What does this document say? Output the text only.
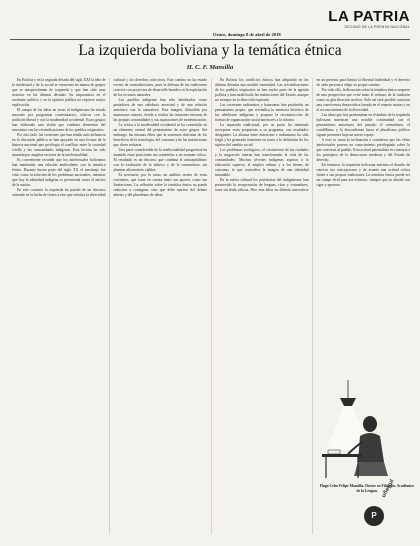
LA PATRIA
DECANO DE LA PRENSA NACIONAL
Oruro, domingo 8 de abril de 2018
La izquierda boliviana y la temática étnica
H. C. F. Mansilla

En Bolivia y en la segunda década del siglo XXI la idea de lo intelectual y de lo social se encuentra en manos de grupos que se autoproclaman de izquierda y que han sido muy notorios en las últimas décadas. Su importancia en el escenario político y en la opinión pública no requiere mayor explicación.

El campo de las ideas en torno al indigenismo ha estado marcado por programas contestatarios, críticos con la tradición liberal y con la modernidad occidental. Estos grupos han elaborado una visión que combina elementos del marxismo con las reivindicaciones de los pueblos originarios.

Por otro lado, las corrientes que han tenido más influencia en la discusión pública se han apoyado en una lectura de la historia nacional que privilegia el conflicto entre la sociedad criolla y las comunidades indígenas. Esta lectura ha sido asumida por amplios sectores de la intelectualidad.

Es conveniente recordar que los intelectuales bolivianos han mantenido una relación ambivalente con la temática étnica. Durante buena parte del siglo XX el mestizaje fue visto como la solución de los problemas nacionales, mientras que hoy la identidad indígena es presentada como el núcleo de la nación.

En este contexto la izquierda ha pasado de un discurso centrado en la lucha de clases a otro que enfatiza la diversidad cultural y los derechos colectivos. Este cambio no ha estado exento de contradicciones, pues la defensa de las tradiciones convive con proyectos de desarrollo basados en la explotación de los recursos naturales.

Los pueblos indígenas han sido idealizados como portadores de una sabiduría ancestral y de una relación armónica con la naturaleza. Esta imagen, difundida por numerosos autores, tiende a ocultar las tensiones internas de las propias comunidades y sus aspiraciones de modernización.

La crítica a la modernidad occidental se ha convertido en un elemento central del pensamiento de estos grupos. Sin embargo, las mismas élites que la sostienen disfrutan de los beneficios de la tecnología, del consumo y de las instituciones que dicen rechazar.

Una parte considerable de la intelectualidad progresista ha asumido estas posiciones sin someterlas a un examen crítico. El resultado es un discurso que combina el anticapitalismo con la exaltación de lo telúrico y de lo comunitario, sin plantear alternativas viables.

Es necesario, por lo tanto, un análisis sereno de estas corrientes, que tome en cuenta tanto sus aportes como sus limitaciones. La reflexión sobre la temática étnica no puede reducirse a consignas, sino que debe nutrirse del debate abierto y del pluralismo de ideas.

En Bolivia los conflictos étnicos han adquirido en las últimas décadas una notable intensidad. Las reivindicaciones de los pueblos originarios se han vuelto parte de la agenda política y han modificado las instituciones del Estado, aunque no siempre en la dirección esperada.

Las corrientes indianistas y katarianas han producido un pensamiento propio, que reivindica la memoria histórica de las rebeliones indígenas y propone la reconstrucción de formas de organización social anteriores a la colonia.

La izquierda tradicional, por su parte, ha intentado incorporar estas propuestas a su programa, con resultados desiguales. La alianza entre marxismo e indianismo ha sido frágil y ha generado tensiones en torno a la definición de los sujetos del cambio social.

Los problemas ecológicos, el crecimiento de las ciudades y la migración interna han transformado la vida de las comunidades. Muchos jóvenes indígenas aspiran a la educación superior, al empleo urbano y a los bienes de consumo, lo que contradice la imagen de una identidad inmutable.

En la esfera cultural los partidarios del indigenismo han promovido la recuperación de lenguas, ritos y costumbres, tarea sin duda valiosa. Pero esta labor no debería convertirse en un pretexto para limitar la libertad individual y el derecho de cada persona a elegir su propio camino.

Por todo ello, la discusión sobre la temática étnica requiere de una perspectiva que evite tanto el rechazo de la tradición como su glorificación acrítica. Solo así será posible construir una convivencia democrática basada en el respeto mutuo y en el reconocimiento de la diversidad.

Las ideas que hoy predominan en el ámbito de la izquierda boliviana muestran una notable continuidad con el pensamiento autoritario del pasado: el centralismo, el caudillismo y la desconfianza hacia el pluralismo político siguen presentes bajo un nuevo ropaje.

A esto se suma la inclinación a considerar que las élites intelectuales poseen un conocimiento privilegiado sobre lo que conviene al pueblo. Esta actitud paternalista es contraria a los principios de la democracia moderna y del Estado de derecho.

En resumen, la izquierda boliviana enfrenta el desafío de renovar sus concepciones y de asumir una actitud crítica frente a sus propias tradiciones. La temática étnica puede ser un campo fértil para ese esfuerzo, siempre que se aborde con rigor y apertura.

Hugo Celso Felipe Mansilla. Doctor en Filosofía. Académico de la Lengua.

P
uñegul
